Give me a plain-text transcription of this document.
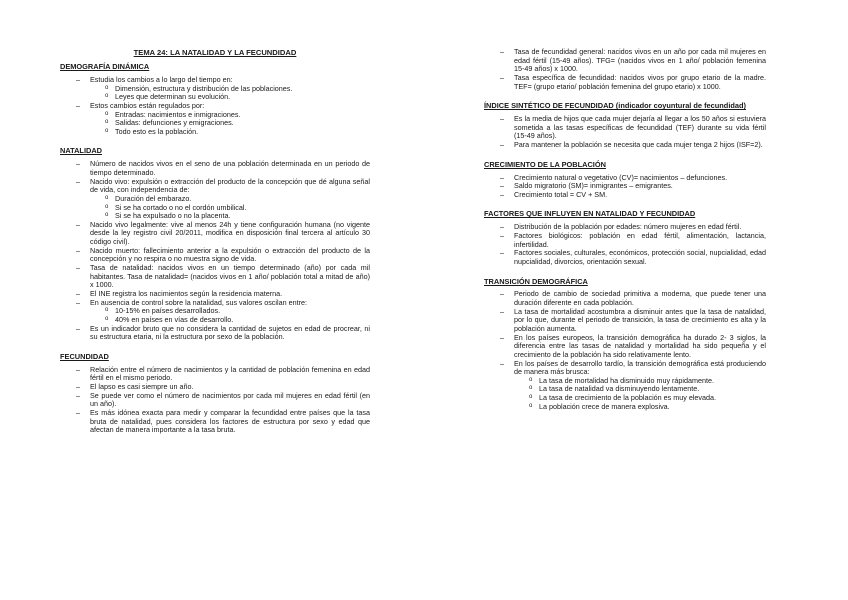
TEMA 24: LA NATALIDAD Y LA FECUNDIDAD
DEMOGRAFÍA DINÁMICA
– Estudia los cambios a lo largo del tiempo en:
o Dimensión, estructura y distribución de las poblaciones.
o Leyes que determinan su evolución.
– Estos cambios están regulados por:
o Entradas: nacimientos e inmigraciones.
o Salidas: defunciones y emigraciones.
o Todo esto es la población.
NATALIDAD
– Número de nacidos vivos en el seno de una población determinada en un periodo de tiempo determinado.
– Nacido vivo: expulsión o extracción del producto de la concepción que dé alguna señal de vida, con independencia de:
o Duración del embarazo.
o Si se ha cortado o no el cordón umbilical.
o Si se ha expulsado o no la placenta.
– Nacido vivo legalmente: vive al menos 24h y tiene configuración humana (no vigente desde la ley registro civil 20/2011, modifica en disposición final tercera al artículo 30 código civil).
– Nacido muerto: fallecimiento anterior a la expulsión o extracción del producto de la concepción y no respira o no muestra signo de vida.
– Tasa de natalidad: nacidos vivos en un tiempo determinado (año) por cada mil habitantes. Tasa de natalidad= (nacidos vivos en 1 año/ población total a mitad de año) x 1000.
– El INE registra los nacimientos según la residencia materna.
– En ausencia de control sobre la natalidad, sus valores oscilan entre:
o 10-15% en países desarrollados.
o 40% en países en vías de desarrollo.
– Es un indicador bruto que no considera la cantidad de sujetos en edad de procrear, ni su estructura etaria, ni la estructura por sexo de la población.
FECUNDIDAD
– Relación entre el número de nacimientos y la cantidad de población femenina en edad fértil en el mismo periodo.
– El lapso es casi siempre un año.
– Se puede ver como el número de nacimientos por cada mil mujeres en edad fértil (en un año).
– Es más idónea exacta para medir y comparar la fecundidad entre países que la tasa bruta de natalidad, pues considera los factores de estructura por sexo y edad que afectan de manera importante a la tasa bruta.
– Tasa de fecundidad general: nacidos vivos en un año por cada mil mujeres en edad fértil (15-49 años). TFG= (nacidos vivos en 1 año/ población femenina 15-49 años) x 1000.
– Tasa específica de fecundidad: nacidos vivos por grupo etario de la madre. TEF= (grupo etario/ población femenina del grupo etario) x 1000.
ÍNDICE SINTÉTICO DE FECUNDIDAD (indicador coyuntural de fecundidad)
– Es la media de hijos que cada mujer dejaría al llegar a los 50 años si estuviera sometida a las tasas específicas de fecundidad (TEF) durante su vida fértil (15-49 años).
– Para mantener la población se necesita que cada mujer tenga 2 hijos (ISF=2).
CRECIMIENTO DE LA POBLACIÓN
– Crecimiento natural o vegetativo (CV)= nacimientos – defunciones.
– Saldo migratorio (SM)= inmigrantes – emigrantes.
– Crecimiento total = CV + SM.
FACTORES QUE INFLUYEN EN NATALIDAD Y FECUNDIDAD
– Distribución de la población por edades: número mujeres en edad fértil.
– Factores biológicos: población en edad fértil, alimentación, lactancia, infertilidad.
– Factores sociales, culturales, económicos, protección social, nupcialidad, edad nupcialidad, divorcios, orientación sexual.
TRANSICIÓN DEMOGRÁFICA
– Periodo de cambio de sociedad primitiva a moderna, que puede tener una duración diferente en cada población.
– La tasa de mortalidad acostumbra a disminuir antes que la tasa de natalidad, por lo que, durante el periodo de transición, la tasa de crecimiento es alta y la población aumenta.
– En los países europeos, la transición demográfica ha durado 2- 3 siglos, la diferencia entre las tasas de natalidad y mortalidad ha sido pequeña y el crecimiento de la población ha sido relativamente lento.
– En los países de desarrollo tardío, la transición demográfica está produciendo de manera más brusca:
o La tasa de mortalidad ha disminuido muy rápidamente.
o La tasa de natalidad va disminuyendo lentamente.
o La tasa de crecimiento de la población es muy elevada.
o La población crece de manera explosiva.
